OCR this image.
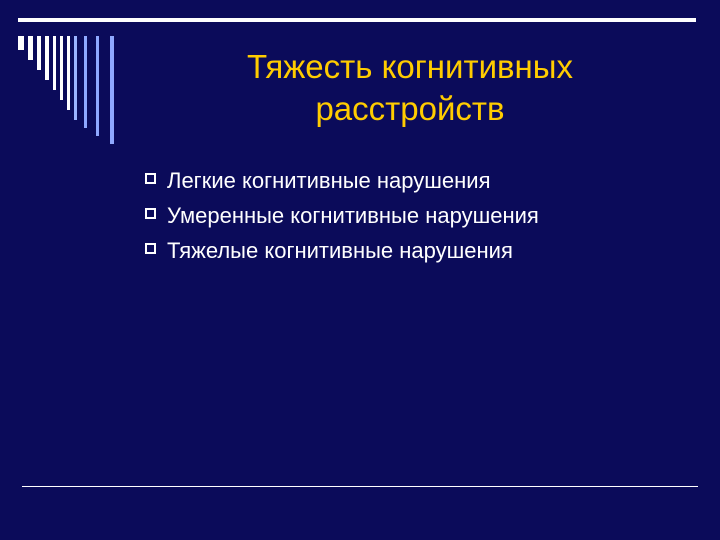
Тяжесть когнитивных
расстройств
Легкие когнитивные нарушения
Умеренные когнитивные нарушения
Тяжелые когнитивные нарушения
